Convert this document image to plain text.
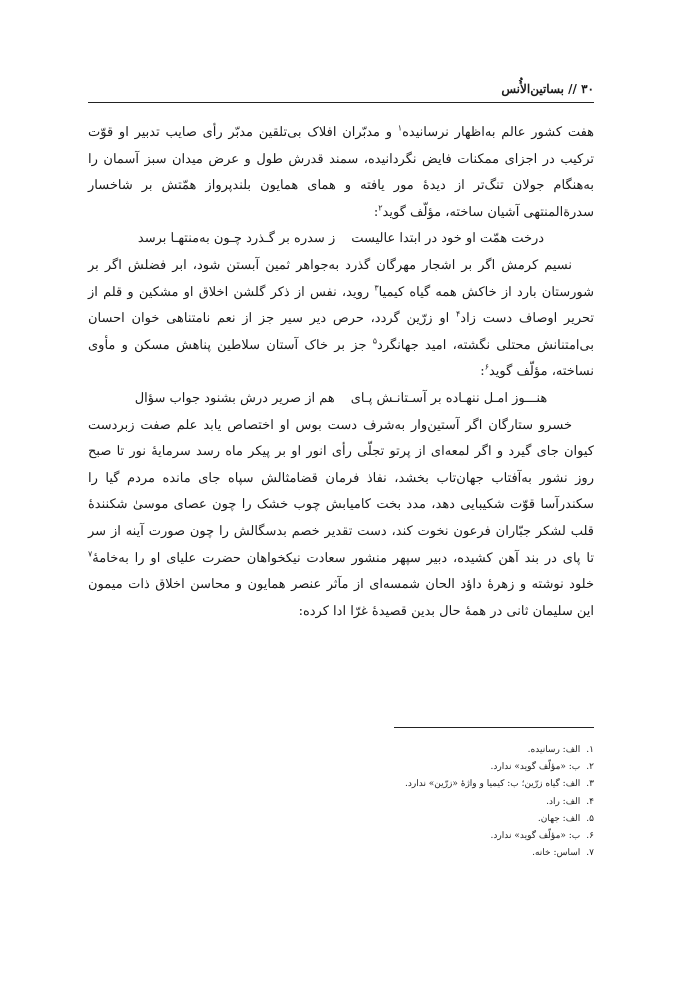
۳۰ // بساتین‌الأُنس

هفت کشور عالم به‌اظهار نرسانیده$^۱$ و مدبّران افلاک بی‌تلقین مدبّر رأی صایب تدبیر او قوّت ترکیب در اجزای ممکنات فایض نگردانیده، سمند قدرش طول و عرض میدان سبز آسمان را به‌هنگام جولان تنگ‌تر از دیدهٔ مور یافته و همای همایون بلندپرواز همّتش بر شاخسار سدرةالمنتهی آشیان ساخته، مؤلّف گوید$^۲$:

درخت همّت او خود در ابتدا عالیست
ز سدره بر گـذرد چـون به‌منتهـا برسد

نسیم کرمش اگر بر اشجار مهرگان گذرد به‌جواهر ثمین آبستن شود، ابر فضلش اگر بر شورستان بارد از خاکش همه گیاه کیمیا$^۳$ روید، نفس از ذکر گلشن اخلاق او مشکین و قلم از تحریر اوصاف دست زاد$^۴$ او زرّین گردد، حرص دیر سیر جز از نعم نامتناهی خوان احسان بی‌امتنانش محتلی نگشته، امید جهانگرد$^۵$ جز بر خاک آستان سلاطین پناهش مسکن و مأوی نساخته، مؤلّف گوید$^۶$:

هنـــوز امـل ننهـاده بر آسـتانـش پـای
هم از صریر درش بشنود جواب سؤال

خسرو ستارگان اگر آستین‌وار به‌شرف دست بوس او اختصاص یابد علم صفت زبردست کیوان جای گیرد و اگر لمعه‌ای از پرتو تجلّی رأی انور او بر پیکر ماه رسد سرمایهٔ نور تا صبح روز نشور به‌آفتاب جهان‌تاب بخشد، نفاذ فرمان قضامثالش سپاه جای مانده مردم گیا را سکندرآسا قوّت شکیبایی دهد، مدد بخت کامیابش چوب خشک را چون عصای موسیٰ شکنندهٔ قلب لشکر جبّاران فرعون نخوت کند، دست تقدیر خصم بدسگالش را چون صورت آینه از سر تا پای در بند آهن کشیده، دبیر سپهر منشور سعادت نیکخواهان حضرت علیای او را به‌خامهٔ$^۷$ خلود نوشته و زهرهٔ داؤد الحان شمسه‌ای از مآثر عنصر همایون و محاسن اخلاق ذات میمون این سلیمان ثانی در همهٔ حال بدین قصیدهٔ غرّا ادا کرده:

۱.الف: رسانیده.
۲.ب: «مؤلّف گوید» ندارد.
۳.الف: گیاه زرّین؛ ب: کیمیا و واژهٔ «زرّین» ندارد.
۴.الف: راد.
۵.الف: جهان.
۶.ب: «مؤلّف گوید» ندارد.
۷.اساس: خانه.
